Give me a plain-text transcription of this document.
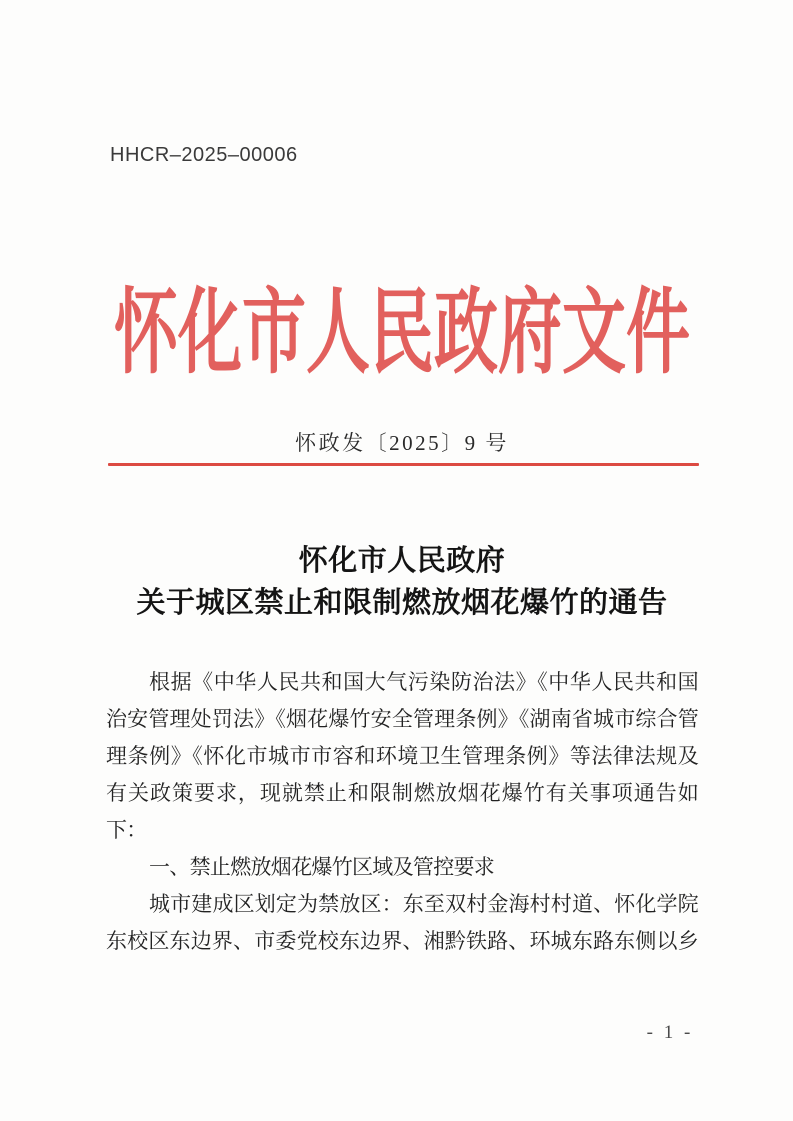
HHCR–2025–00006
怀化市人民政府文件
怀政发〔2025〕9 号
怀化市人民政府
关于城区禁止和限制燃放烟花爆竹的通告
根据《中华人民共和国大气污染防治法》《中华人民共和国
治安管理处罚法》《烟花爆竹安全管理条例》《湖南省城市综合管
理条例》《怀化市城市市容和环境卫生管理条例》等法律法规及
有关政策要求，现就禁止和限制燃放烟花爆竹有关事项通告如
下：
一、禁止燃放烟花爆竹区域及管控要求
城市建成区划定为禁放区：东至双村金海村村道、怀化学院
东校区东边界、市委党校东边界、湘黔铁路、环城东路东侧以乡
- 1 -
